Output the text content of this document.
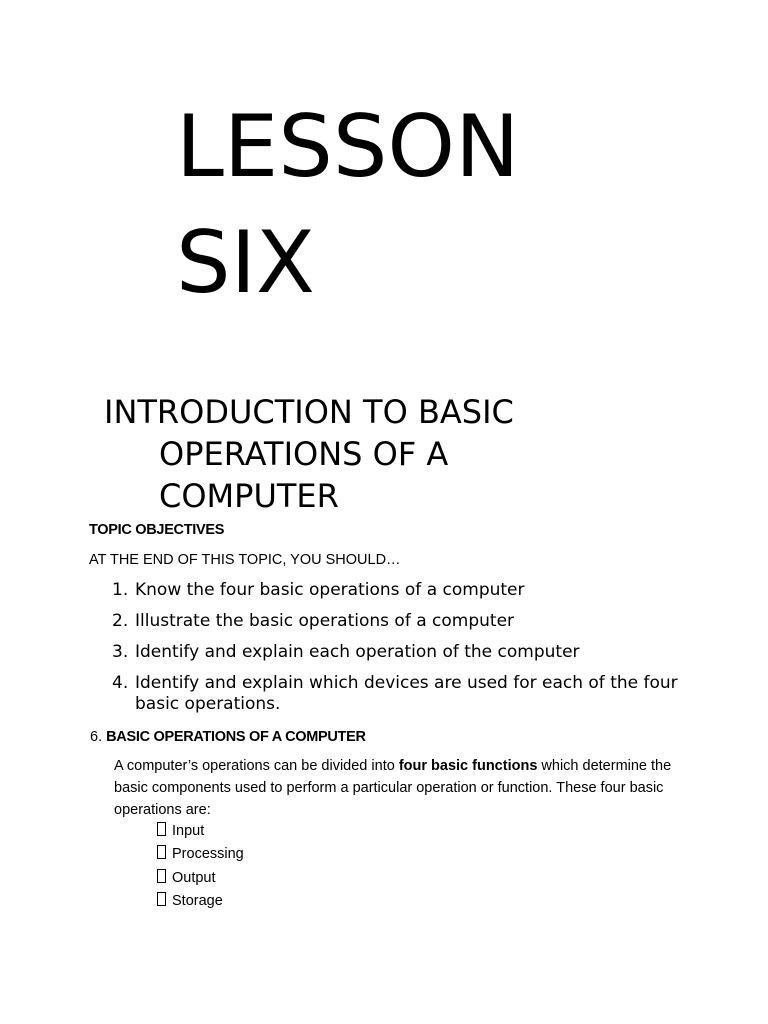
LESSON
SIX
INTRODUCTION TO BASIC
OPERATIONS OF A
COMPUTER

TOPIC OBJECTIVES

AT THE END OF THIS TOPIC, YOU SHOULD…

1. Know the four basic operations of a computer
2. Illustrate the basic operations of a computer
3. Identify and explain each operation of the computer
4. Identify and explain which devices are used for each of the four basic operations.

6. BASIC OPERATIONS OF A COMPUTER

A computer’s operations can be divided into four basic functions which determine the basic components used to perform a particular operation or function. These four basic operations are:

Input
Processing
Output
Storage
